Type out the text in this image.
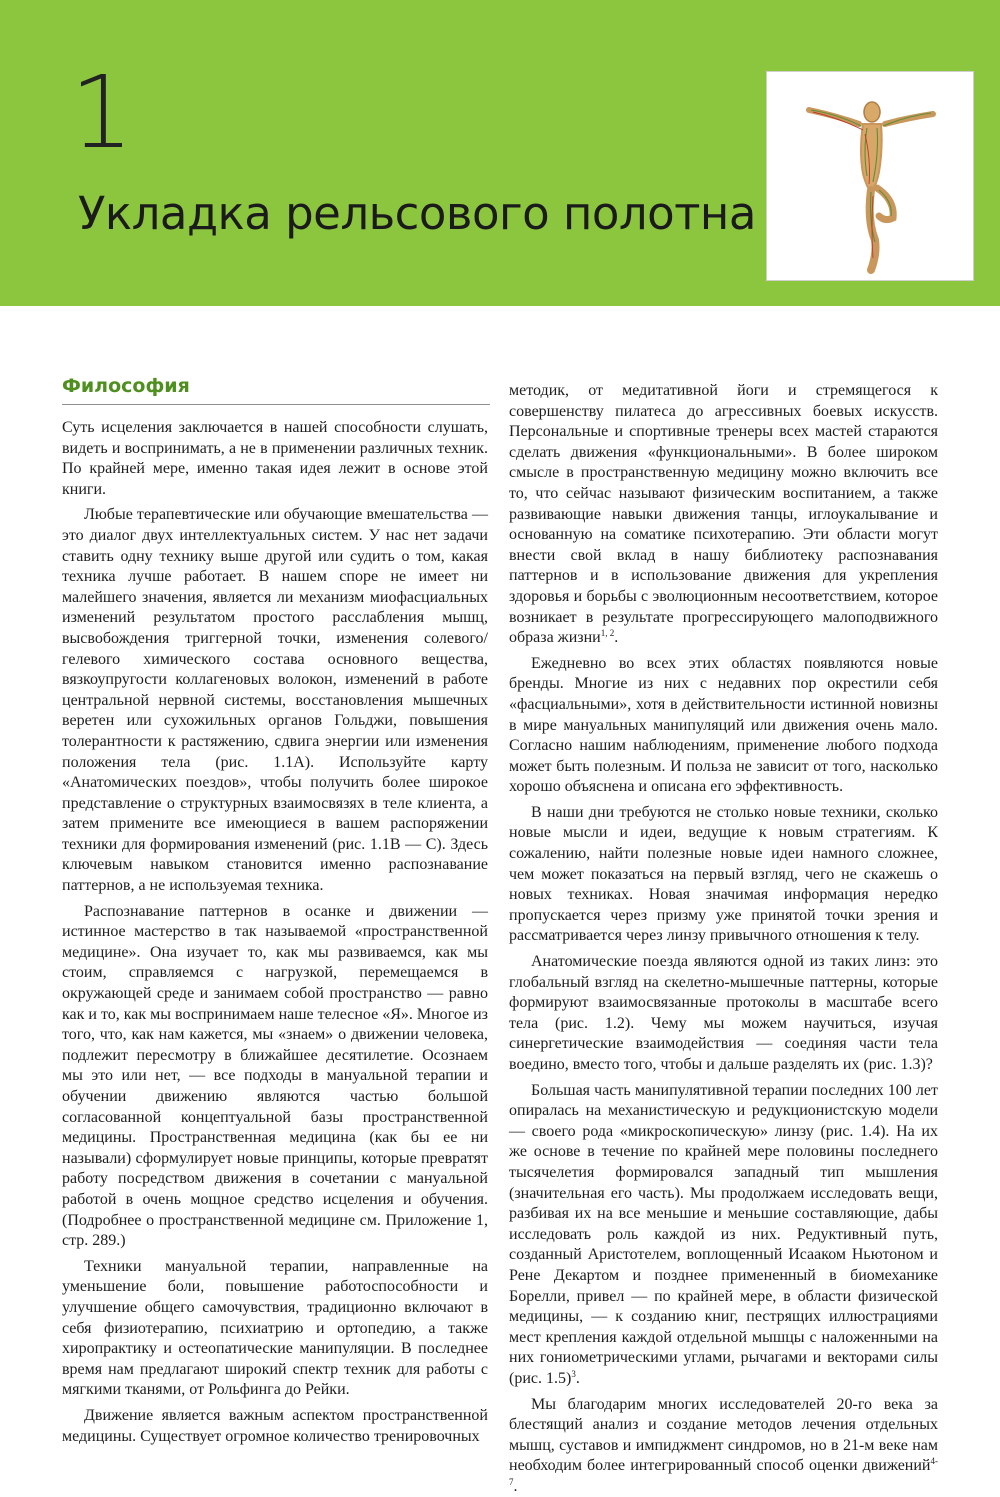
1
Укладка рельсового полотна
Философия

Суть исцеления заключается в нашей способности слушать, видеть и воспринимать, а не в применении различных техник. По крайней мере, именно такая идея лежит в основе этой книги.

Любые терапевтические или обучающие вмешательства — это диалог двух интеллектуальных систем. У нас нет задачи ставить одну технику выше другой или судить о том, какая техника лучше работает. В нашем споре не имеет ни малейшего значения, является ли механизм миофасциальных изменений результатом простого расслабления мышц, высвобождения триггерной точки, изменения солевого/гелевого химического состава основного вещества, вязкоупругости коллагеновых волокон, изменений в работе центральной нервной системы, восстановления мышечных веретен или сухожильных органов Гольджи, повышения толерантности к растяжению, сдвига энергии или изменения положения тела (рис. 1.1А). Используйте карту «Анатомических поездов», чтобы получить более широкое представление о структурных взаимосвязях в теле клиента, а затем примените все имеющиеся в вашем распоряжении техники для формирования изменений (рис. 1.1В — С). Здесь ключевым навыком становится именно распознавание паттернов, а не используемая техника.

Распознавание паттернов в осанке и движении — истинное мастерство в так называемой «пространственной медицине». Она изучает то, как мы развиваемся, как мы стоим, справляемся с нагрузкой, перемещаемся в окружающей среде и занимаем собой пространство — равно как и то, как мы воспринимаем наше телесное «Я». Многое из того, что, как нам кажется, мы «знаем» о движении человека, подлежит пересмотру в ближайшее десятилетие. Осознаем мы это или нет, — все подходы в мануальной терапии и обучении движению являются частью большой согласованной концептуальной базы пространственной медицины. Пространственная медицина (как бы ее ни называли) сформулирует новые принципы, которые превратят работу посредством движения в сочетании с мануальной работой в очень мощное средство исцеления и обучения. (Подробнее о пространственной медицине см. Приложение 1, стр. 289.)

Техники мануальной терапии, направленные на уменьшение боли, повышение работоспособности и улучшение общего самочувствия, традиционно включают в себя физиотерапию, психиатрию и ортопедию, а также хиропрактику и остеопатические манипуляции. В последнее время нам предлагают широкий спектр техник для работы с мягкими тканями, от Рольфинга до Рейки.

Движение является важным аспектом пространственной медицины. Существует огромное количество тренировочных

методик, от медитативной йоги и стремящегося к совершенству пилатеса до агрессивных боевых искусств. Персональные и спортивные тренеры всех мастей стараются сделать движения «функциональными». В более широком смысле в пространственную медицину можно включить все то, что сейчас называют физическим воспитанием, а также развивающие навыки движения танцы, иглоукалывание и основанную на соматике психотерапию. Эти области могут внести свой вклад в нашу библиотеку распознавания паттернов и в использование движения для укрепления здоровья и борьбы с эволюционным несоответствием, которое возникает в результате прогрессирующего малоподвижного образа жизни$^{1, 2}$.

Ежедневно во всех этих областях появляются новые бренды. Многие из них с недавних пор окрестили себя «фасциальными», хотя в действительности истинной новизны в мире мануальных манипуляций или движения очень мало. Согласно нашим наблюдениям, применение любого подхода может быть полезным. И польза не зависит от того, насколько хорошо объяснена и описана его эффективность.

В наши дни требуются не столько новые техники, сколько новые мысли и идеи, ведущие к новым стратегиям. К сожалению, найти полезные новые идеи намного сложнее, чем может показаться на первый взгляд, чего не скажешь о новых техниках. Новая значимая информация нередко пропускается через призму уже принятой точки зрения и рассматривается через линзу привычного отношения к телу.

Анатомические поезда являются одной из таких линз: это глобальный взгляд на скелетно-мышечные паттерны, которые формируют взаимосвязанные протоколы в масштабе всего тела (рис. 1.2). Чему мы можем научиться, изучая синергетические взаимодействия — соединяя части тела воедино, вместо того, чтобы и дальше разделять их (рис. 1.3)?

Большая часть манипулятивной терапии последних 100 лет опиралась на механистическую и редукционистскую модели — своего рода «микроскопическую» линзу (рис. 1.4). На их же основе в течение по крайней мере половины последнего тысячелетия формировался западный тип мышления (значительная его часть). Мы продолжаем исследовать вещи, разбивая их на все меньшие и меньшие составляющие, дабы исследовать роль каждой из них. Редуктивный путь, созданный Аристотелем, воплощенный Исааком Ньютоном и Рене Декартом и позднее примененный в биомеханике Борелли, привел — по крайней мере, в области физической медицины, — к созданию книг, пестрящих иллюстрациями мест крепления каждой отдельной мышцы с наложенными на них гониометрическими углами, рычагами и векторами силы (рис. 1.5)$^3$.

Мы благодарим многих исследователей 20-го века за блестящий анализ и создание методов лечения отдельных мышц, суставов и импиджмент синдромов, но в 21-м веке нам необходим более интегрированный способ оценки движений$^{4-7}$.
